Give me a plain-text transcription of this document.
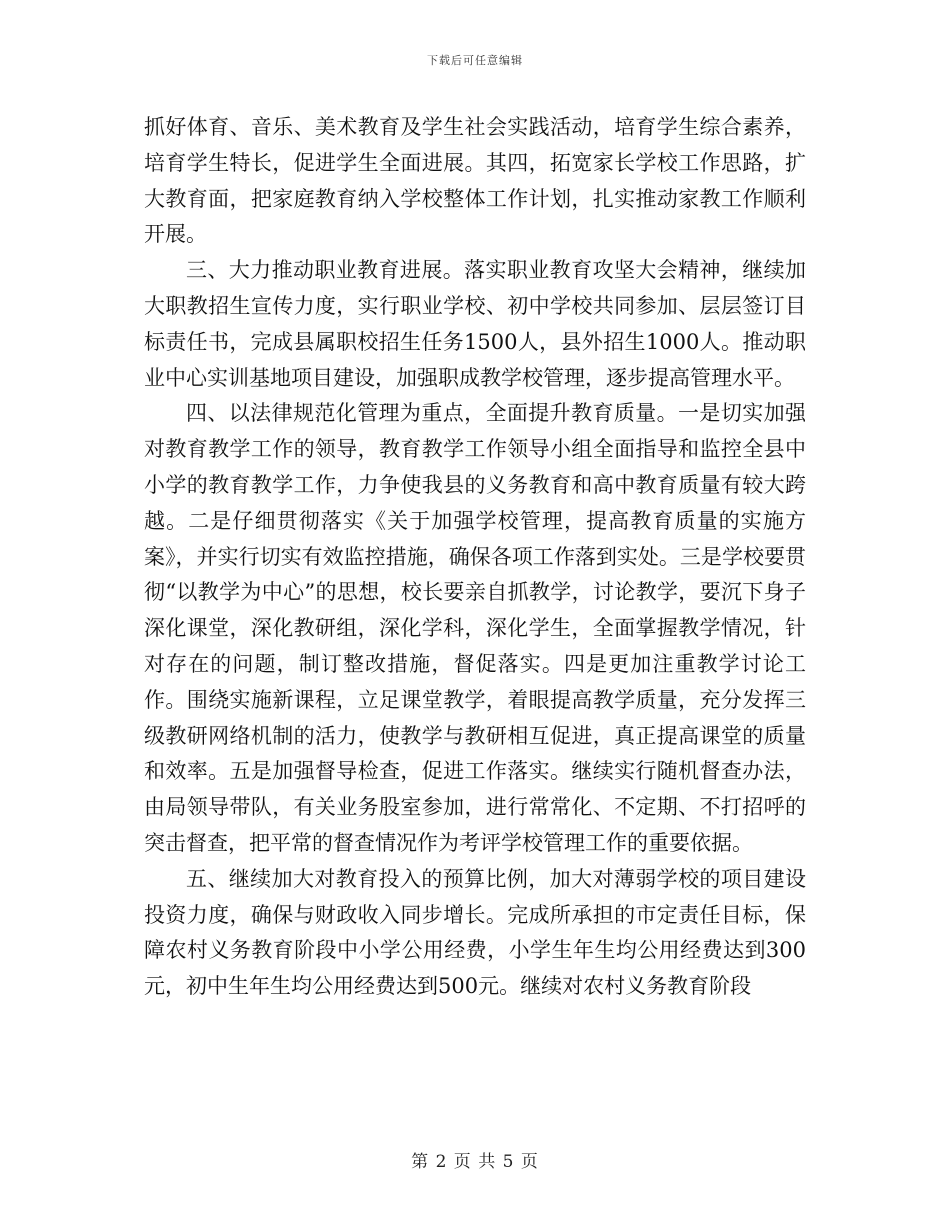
下载后可任意编辑

抓好体育、音乐、美术教育及学生社会实践活动，培育学生综合素养，培育学生特长，促进学生全面进展。其四，拓宽家长学校工作思路，扩大教育面，把家庭教育纳入学校整体工作计划，扎实推动家教工作顺利开展。

三、大力推动职业教育进展。落实职业教育攻坚大会精神，继续加大职教招生宣传力度，实行职业学校、初中学校共同参加、层层签订目标责任书，完成县属职校招生任务1500人，县外招生1000人。推动职业中心实训基地项目建设，加强职成教学校管理，逐步提高管理水平。

四、以法律规范化管理为重点，全面提升教育质量。一是切实加强对教育教学工作的领导，教育教学工作领导小组全面指导和监控全县中小学的教育教学工作，力争使我县的义务教育和高中教育质量有较大跨越。二是仔细贯彻落实《关于加强学校管理，提高教育质量的实施方案》，并实行切实有效监控措施，确保各项工作落到实处。三是学校要贯彻“以教学为中心”的思想，校长要亲自抓教学，讨论教学，要沉下身子深化课堂，深化教研组，深化学科，深化学生，全面掌握教学情况，针对存在的问题，制订整改措施，督促落实。四是更加注重教学讨论工作。围绕实施新课程，立足课堂教学，着眼提高教学质量，充分发挥三级教研网络机制的活力，使教学与教研相互促进，真正提高课堂的质量和效率。五是加强督导检查，促进工作落实。继续实行随机督查办法，由局领导带队，有关业务股室参加，进行常常化、不定期、不打招呼的突击督查，把平常的督查情况作为考评学校管理工作的重要依据。

五、继续加大对教育投入的预算比例，加大对薄弱学校的项目建设投资力度，确保与财政收入同步增长。完成所承担的市定责任目标，保障农村义务教育阶段中小学公用经费，小学生年生均公用经费达到300元，初中生年生均公用经费达到500元。继续对农村义务教育阶段

第 2 页 共 5 页
